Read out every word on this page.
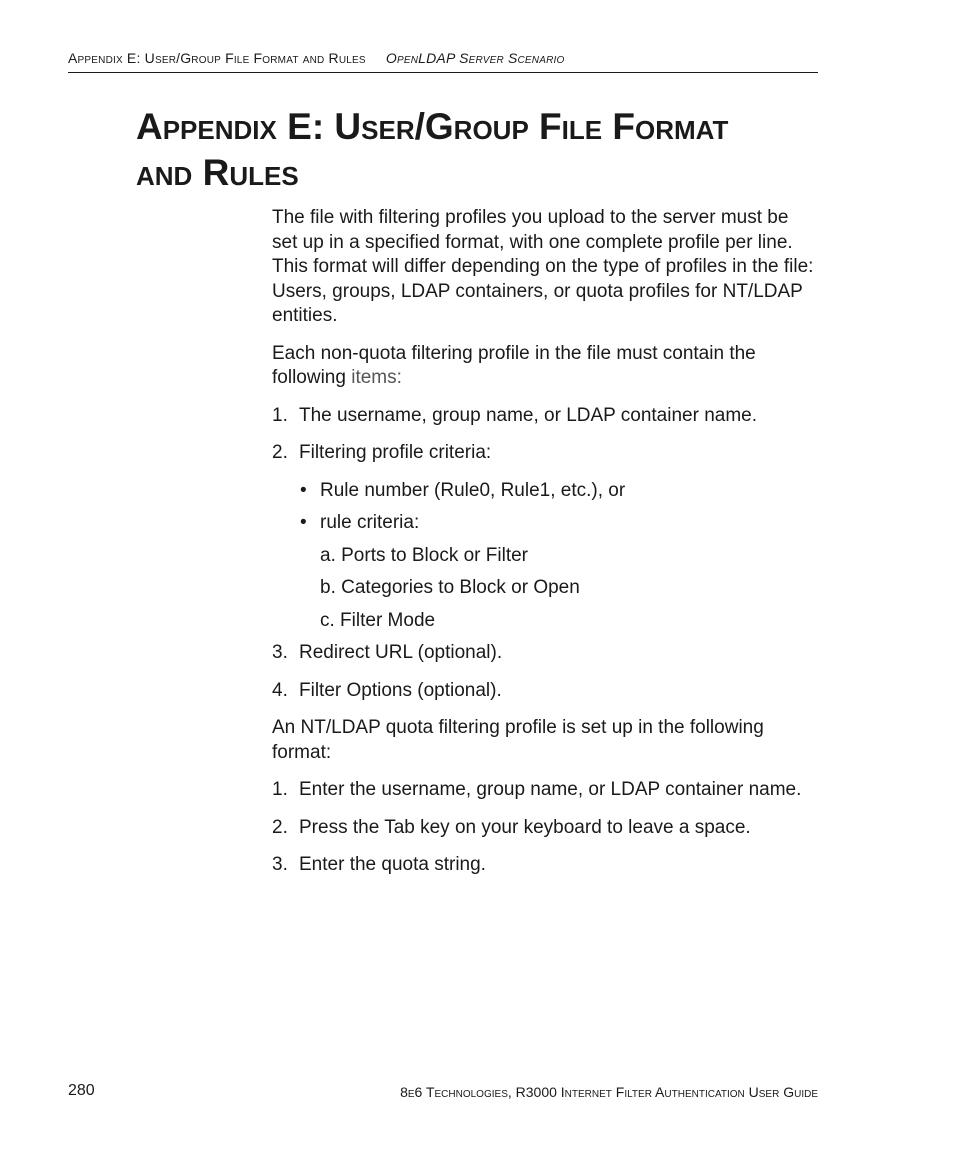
Appendix E: User/Group File Format and Rules OpenLDAP Server Scenario
Appendix E: User/Group File Format
and Rules

The file with filtering profiles you upload to the server must be set up in a specified format, with one complete profile per line. This format will differ depending on the type of profiles in the file: Users, groups, LDAP containers, or quota profiles for NT/LDAP entities.

Each non-quota filtering profile in the file must contain the following items:

1. The username, group name, or LDAP container name.
2. Filtering profile criteria:
• Rule number (Rule0, Rule1, etc.), or
• rule criteria:
a. Ports to Block or Filter
b. Categories to Block or Open
c. Filter Mode
3. Redirect URL (optional).
4. Filter Options (optional).

An NT/LDAP quota filtering profile is set up in the following format:

1. Enter the username, group name, or LDAP container name.
2. Press the Tab key on your keyboard to leave a space.
3. Enter the quota string.
280	8e6 Technologies, R3000 Internet Filter Authentication User Guide
